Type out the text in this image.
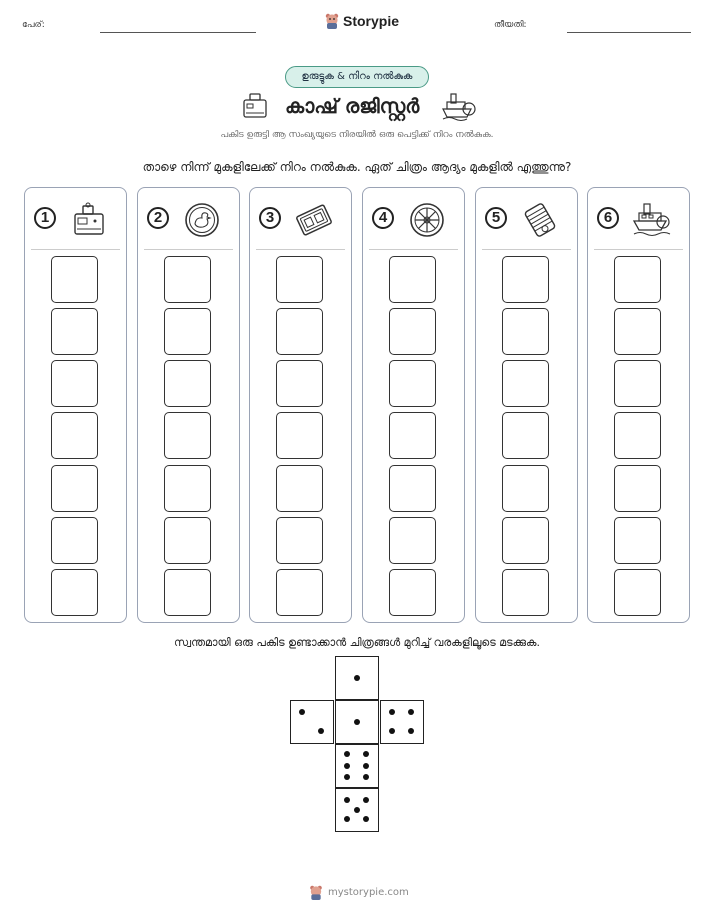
പേര്:	Storypie	തീയതി:
ഉരുട്ടുക & നിറം നൽകുക
കാഷ് രജിസ്റ്റർ
പകിട ഉരുട്ടി ആ സംഖ്യയുടെ നിരയിൽ ഒരു പെട്ടിക്ക് നിറം നൽകുക.
താഴെ നിന്ന് മുകളിലേക്ക് നിറം നൽകുക. ഏത് ചിത്രം ആദ്യം മുകളിൽ എത്തുന്നു?
1	2	3	4	5	6
സ്വന്തമായി ഒരു പകിട ഉണ്ടാക്കാൻ ചിത്രങ്ങൾ മുറിച്ച് വരകളിലൂടെ മടക്കുക.
mystorypie.com
